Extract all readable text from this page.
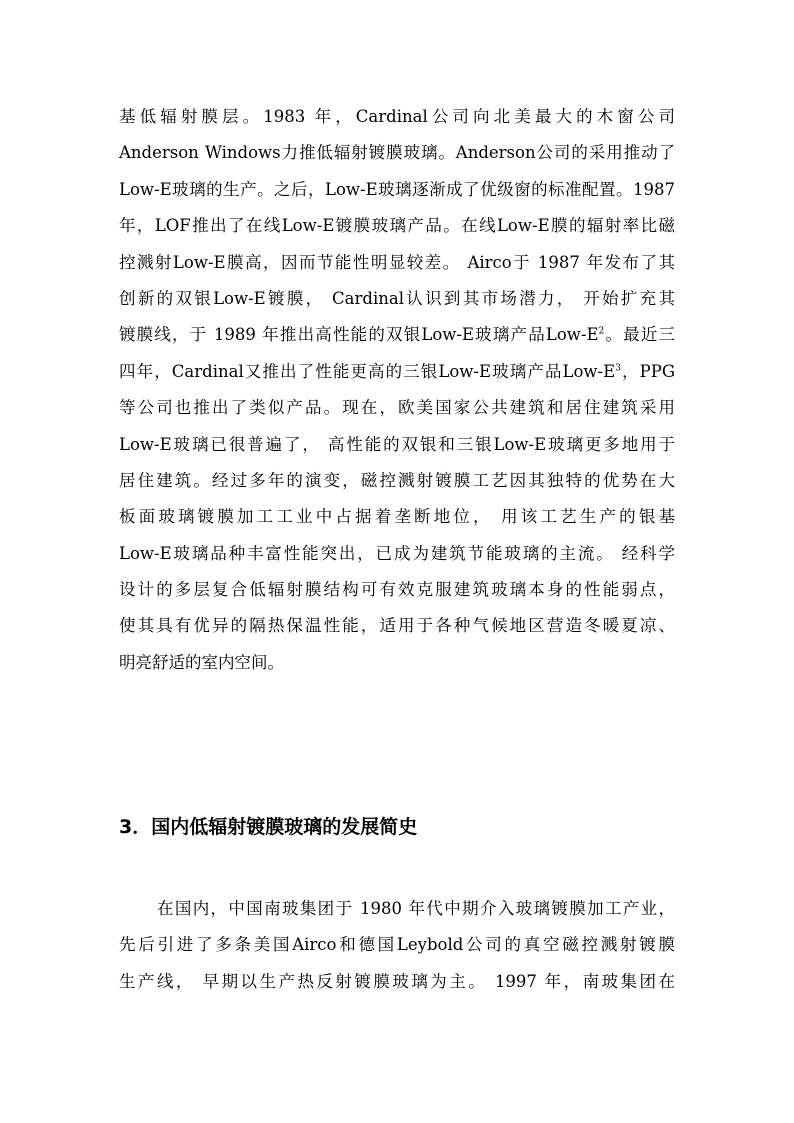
基低辐射膜层。1983 年，Cardinal公司向北美最大的木窗公司
Anderson Windows力推低辐射镀膜玻璃。Anderson公司的采用推动了
Low-E玻璃的生产。之后，Low-E玻璃逐渐成了优级窗的标准配置。1987
年，LOF推出了在线Low-E镀膜玻璃产品。在线Low-E膜的辐射率比磁
控溅射Low-E膜高，因而节能性明显较差。 Airco于 1987 年发布了其
创新的双银Low-E镀膜， Cardinal认识到其市场潜力， 开始扩充其
镀膜线，于 1989 年推出高性能的双银Low-E玻璃产品Low-$E^2$。最近三
四年，Cardinal又推出了性能更高的三银Low-E玻璃产品Low-$E^3$，PPG
等公司也推出了类似产品。现在，欧美国家公共建筑和居住建筑采用
Low-E玻璃已很普遍了， 高性能的双银和三银Low-E玻璃更多地用于
居住建筑。经过多年的演变，磁控溅射镀膜工艺因其独特的优势在大
板面玻璃镀膜加工工业中占据着垄断地位， 用该工艺生产的银基
Low-E玻璃品种丰富性能突出，已成为建筑节能玻璃的主流。 经科学
设计的多层复合低辐射膜结构可有效克服建筑玻璃本身的性能弱点，
使其具有优异的隔热保温性能，适用于各种气候地区营造冬暖夏凉、
明亮舒适的室内空间。
3．国内低辐射镀膜玻璃的发展简史
在国内，中国南玻集团于 1980 年代中期介入玻璃镀膜加工产业，
先后引进了多条美国Airco和德国Leybold公司的真空磁控溅射镀膜
生产线， 早期以生产热反射镀膜玻璃为主。 1997 年，南玻集团在
